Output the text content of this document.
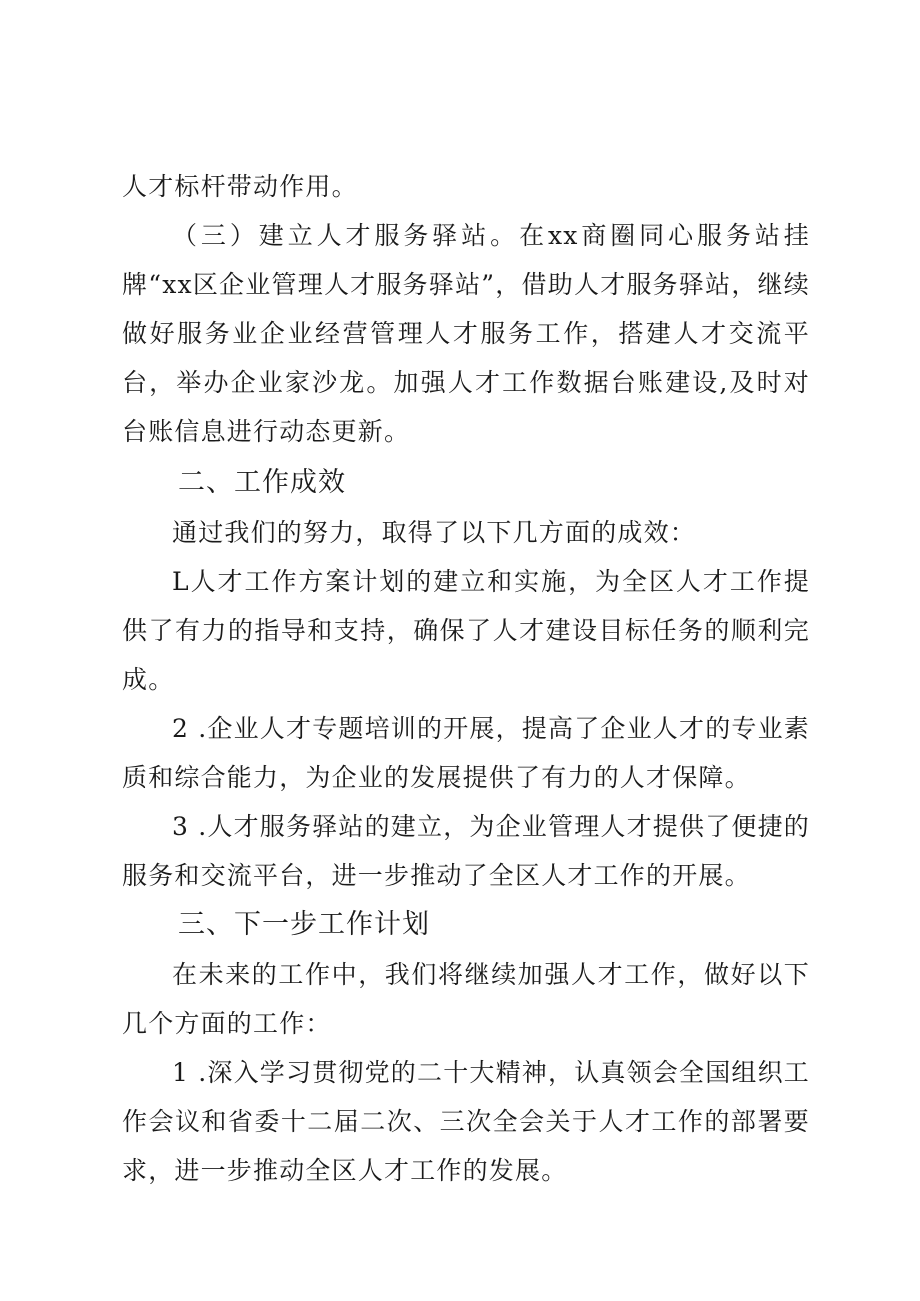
人才标杆带动作用。

（三）建立人才服务驿站。在xx商圈同心服务站挂牌“xx区企业管理人才服务驿站”，借助人才服务驿站，继续做好服务业企业经营管理人才服务工作，搭建人才交流平台，举办企业家沙龙。加强人才工作数据台账建设,及时对台账信息进行动态更新。

二、工作成效

通过我们的努力，取得了以下几方面的成效：

L人才工作方案计划的建立和实施，为全区人才工作提供了有力的指导和支持，确保了人才建设目标任务的顺利完成。

2 .企业人才专题培训的开展，提高了企业人才的专业素质和综合能力，为企业的发展提供了有力的人才保障。

3 .人才服务驿站的建立，为企业管理人才提供了便捷的服务和交流平台，进一步推动了全区人才工作的开展。

三、下一步工作计划

在未来的工作中，我们将继续加强人才工作，做好以下几个方面的工作：

1 .深入学习贯彻党的二十大精神，认真领会全国组织工作会议和省委十二届二次、三次全会关于人才工作的部署要求，进一步推动全区人才工作的发展。
